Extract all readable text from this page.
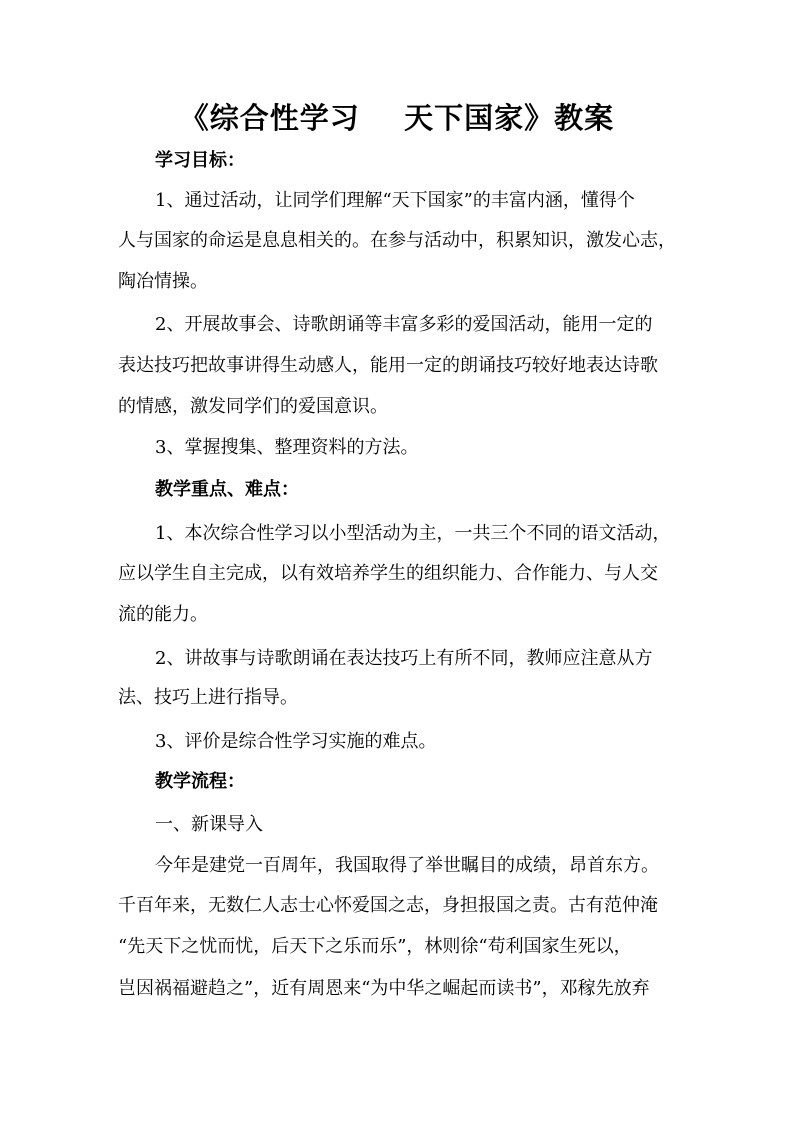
《综合性学习    天下国家》教案
学习目标：
1、通过活动，让同学们理解“天下国家”的丰富内涵，懂得个
人与国家的命运是息息相关的。在参与活动中，积累知识，激发心志，
陶冶情操。
2、开展故事会、诗歌朗诵等丰富多彩的爱国活动，能用一定的
表达技巧把故事讲得生动感人，能用一定的朗诵技巧较好地表达诗歌
的情感，激发同学们的爱国意识。
3、掌握搜集、整理资料的方法。
教学重点、难点：
1、本次综合性学习以小型活动为主，一共三个不同的语文活动，
应以学生自主完成，以有效培养学生的组织能力、合作能力、与人交
流的能力。
2、讲故事与诗歌朗诵在表达技巧上有所不同，教师应注意从方
法、技巧上进行指导。
3、评价是综合性学习实施的难点。
教学流程：
一、新课导入
今年是建党一百周年，我国取得了举世瞩目的成绩，昂首东方。
千百年来，无数仁人志士心怀爱国之志，身担报国之责。古有范仲淹
“先天下之忧而忧，后天下之乐而乐”，林则徐“苟利国家生死以，
岂因祸福避趋之”，近有周恩来“为中华之崛起而读书”，邓稼先放弃
